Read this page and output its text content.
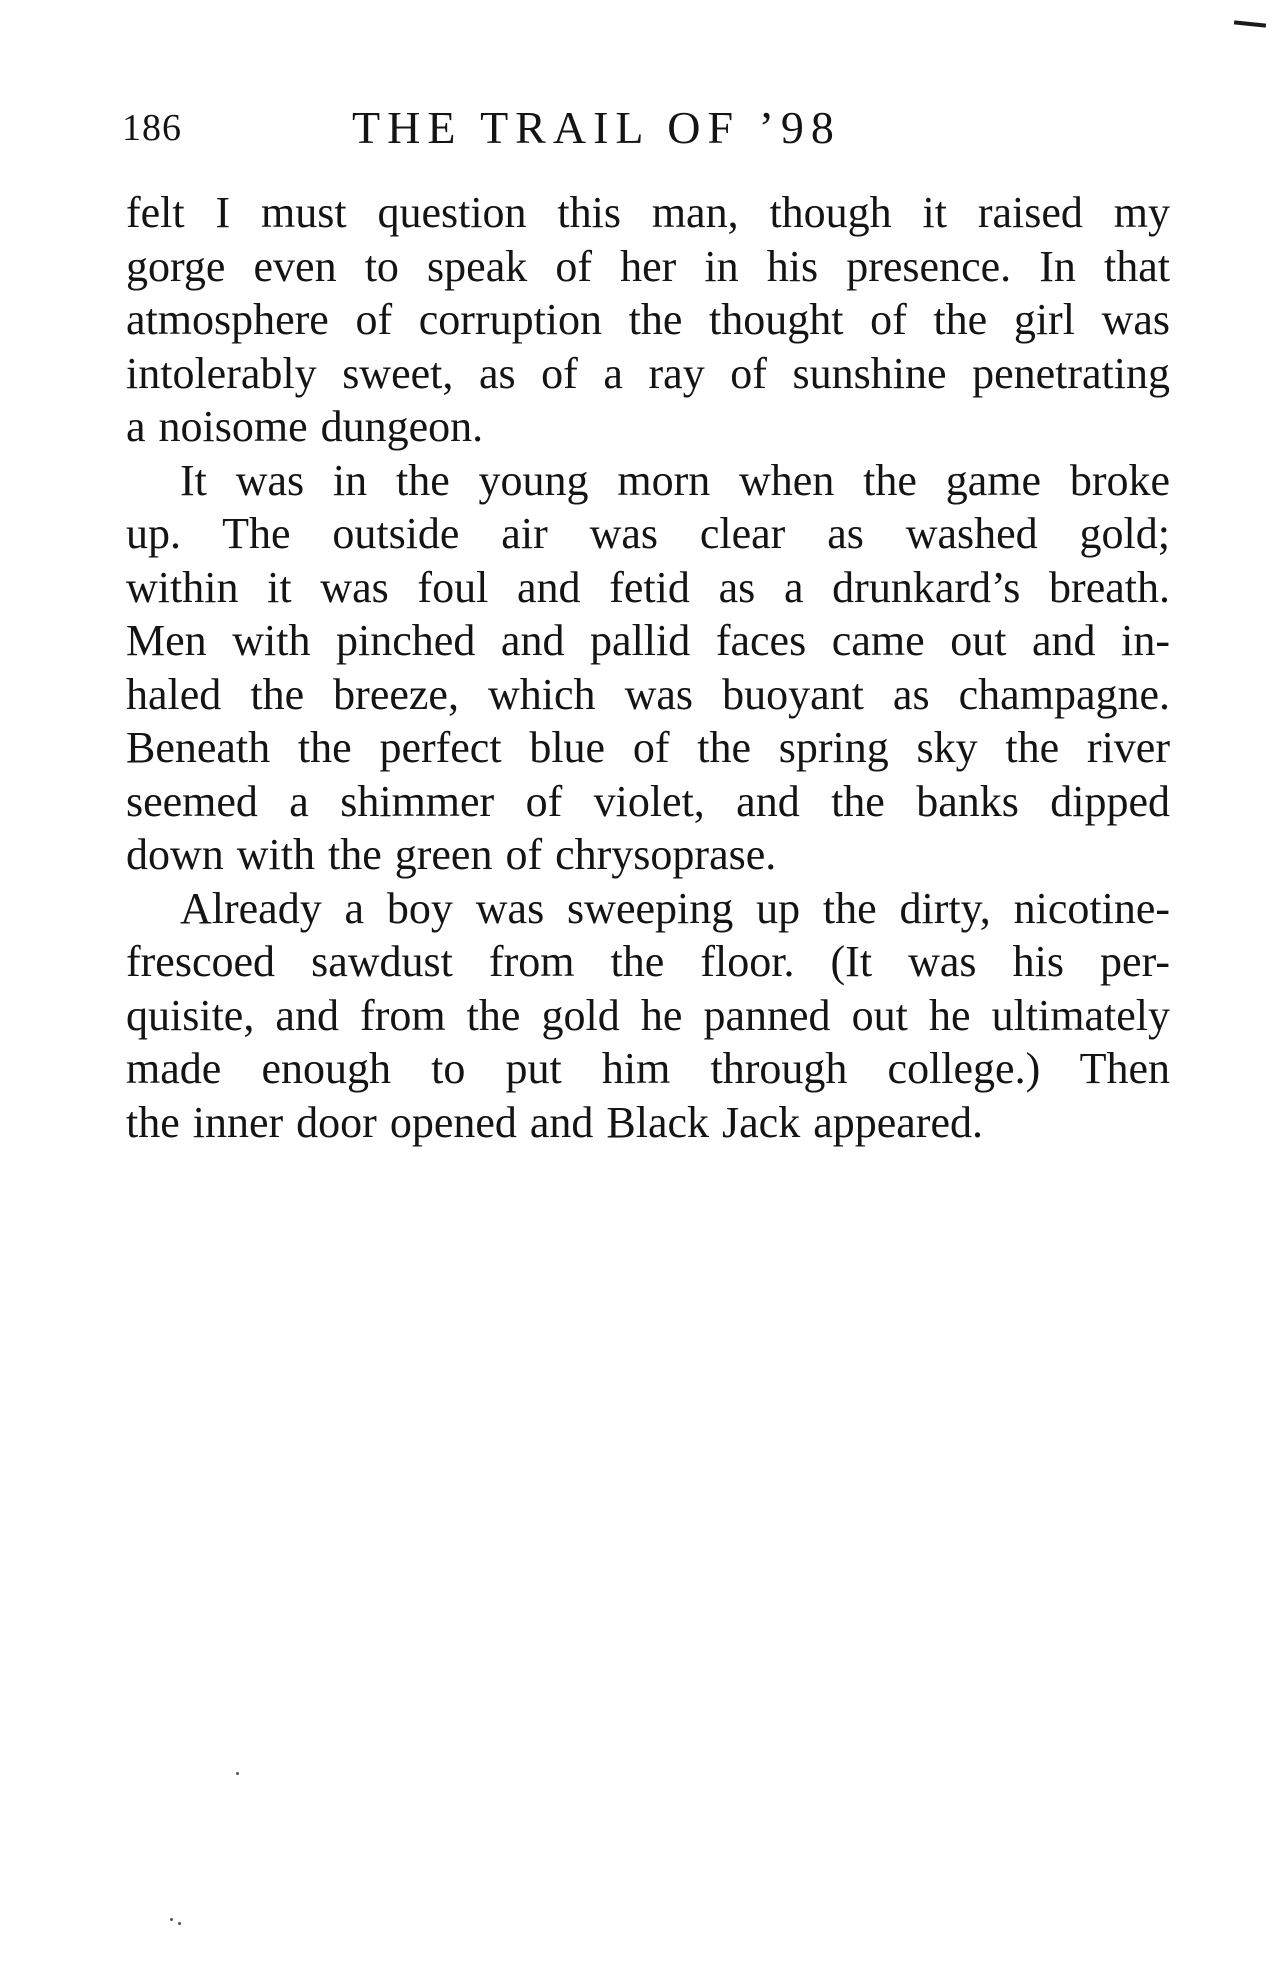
186	THE TRAIL OF ’98
felt I must question this man, though it raised my
gorge even to speak of her in his presence. In that
atmosphere of corruption the thought of the girl was
intolerably sweet, as of a ray of sunshine penetrating
a noisome dungeon.
It was in the young morn when the game broke
up. The outside air was clear as washed gold;
within it was foul and fetid as a drunkard’s breath.
Men with pinched and pallid faces came out and in-
haled the breeze, which was buoyant as champagne.
Beneath the perfect blue of the spring sky the river
seemed a shimmer of violet, and the banks dipped
down with the green of chrysoprase.
Already a boy was sweeping up the dirty, nicotine-
frescoed sawdust from the floor. (It was his per-
quisite, and from the gold he panned out he ultimately
made enough to put him through college.) Then
the inner door opened and Black Jack appeared.
